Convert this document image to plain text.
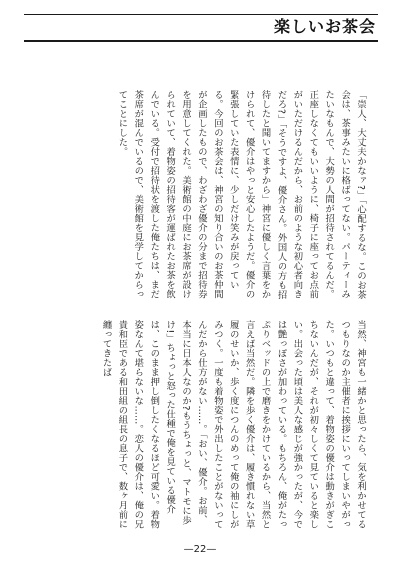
楽しいお茶会

「崇人、大丈夫かなァ?」「心配するな。このお茶会は、茶事みたいに格ばってない。パーティーみたいなもんで、大勢の人間が招待されてるんだ。正座しなくてもいいように、椅子に座ってお点前がいただけるんだから、お前のような初心者向きだろ?」「そうですよ、優介さん。外国人の方も招待したと聞いてますから」神宮に優しく言葉をかけられて、優介はやっと安心したようだ。優介の緊張していた表情に、少しだけ笑みが戻っている。今回のお茶会は、神宮の知り合いのお茶仲間が企画したもので、わざわざ優介の分まで招待券を用意してくれた。美術館の中庭にお茶席が設けられていて、着物姿の招待客が運ばれたお茶を飲んでいる。受付で招待状を渡した俺たちは、まだ茶席が混んでいるので、美術館を見学してからってことにした。

当然、神宮も一緒かと思ったら、気を利かせてるつもりなのか主催者に挨拶にいってしまいやがった。いつもと違って、着物姿の優介は動きがぎこちないんだが、それが初々しくて見ていると楽しい。出会った頃は美人な感じが強かったが、今では艶っぽさが加わっている。もちろん、俺がたっぷりベッドの上で磨きをかけているから、当然と言えば当然だ。隣を歩く優介は、履き慣れない草履のせいか、歩く度につんのめって俺の袖にしがみつく。一度も着物姿で外出したことがないってんだから仕方がない……。「おい、優介。お前、本当に日本人なのか?もうちょっと、マトモに歩け!」ちょっと怒った仕種で俺を見ている優介は、このまま押し倒したくなるほど可愛い。着物姿なんて堪らないな……。恋人の優介は、俺の兄貴和臣である和田組の組長の息子で、数ヶ月前に纏ってきたば

—22—
